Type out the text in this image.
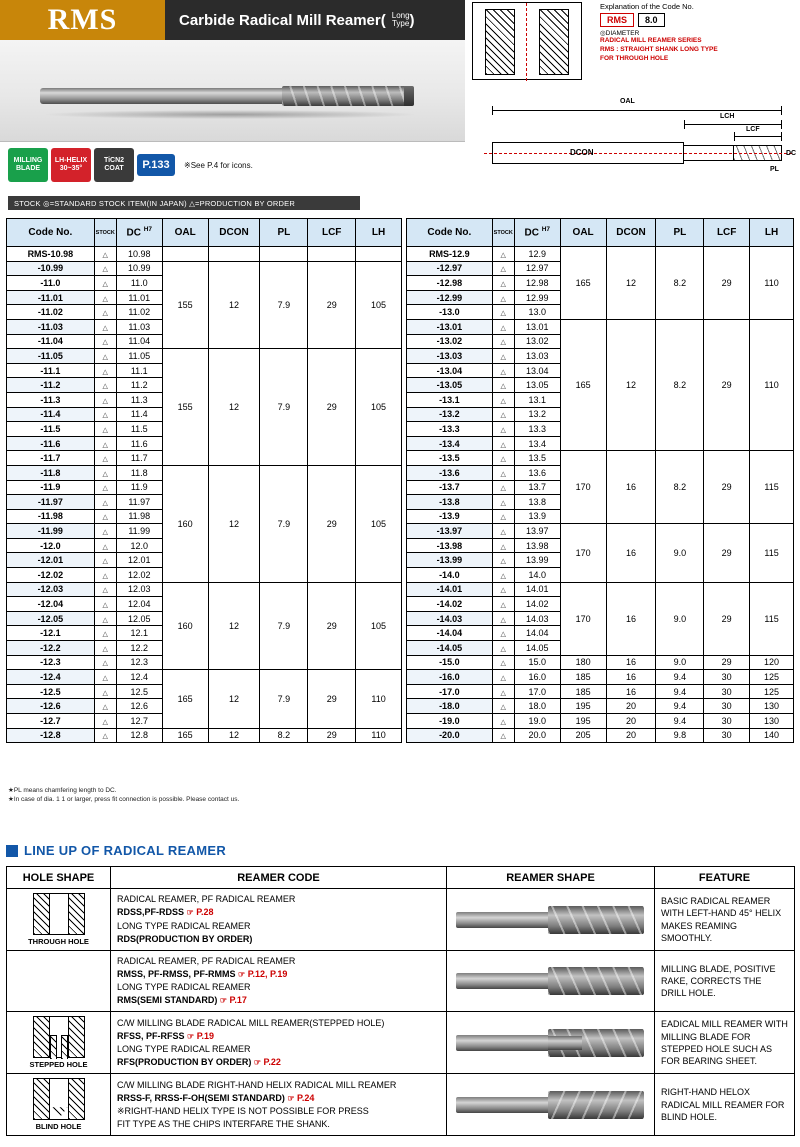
RMS	Carbide Radical Mill Reamer ( Long
Type )
MILLING
BLADE
LH-HELIX
30~35°
TiCN2
COAT P.133 ※See P.4 for icons.
STOCK ◎=STANDARD STOCK ITEM(IN JAPAN) △=PRODUCTION BY ORDER
Explanation of the Code No.
RMS	8.0
◎DIAMETER
RADICAL MILL REAMER SERIES
RMS : STRAIGHT SHANK LONG TYPE
FOR THROUGH HOLE
OAL
LCH
LCF
PL
DCON	DC
Code No.	STOCK	DC $^{H7}$	OAL	DCON	PL	LCF	LH
RMS-10.98	△	10.98					
-10.99	△	10.99	155	12	7.9	29	105
-11.0	△	11.0					
-11.01	△	11.01					
-11.02	△	11.02					
-11.03	△	11.03					
-11.04	△	11.04					
-11.05	△	11.05	155	12	7.9	29	105
-11.1	△	11.1					
-11.2	△	11.2					
-11.3	△	11.3					
-11.4	△	11.4					
-11.5	△	11.5					
-11.6	△	11.6					
-11.7	△	11.7					
-11.8	△	11.8	160	12	7.9	29	105
-11.9	△	11.9					
-11.97	△	11.97					
-11.98	△	11.98					
-11.99	△	11.99					
-12.0	△	12.0					
-12.01	△	12.01					
-12.02	△	12.02					
-12.03	△	12.03	160	12	7.9	29	105
-12.04	△	12.04					
-12.05	△	12.05					
-12.1	△	12.1					
-12.2	△	12.2					
-12.3	△	12.3					
-12.4	△	12.4	165	12	7.9	29	110
-12.5	△	12.5					
-12.6	△	12.6					
-12.7	△	12.7					
-12.8	△	12.8	165	12	8.2	29	110
Code No.	STOCK	DC $^{H7}$	OAL	DCON	PL	LCF	LH
RMS-12.9	△	12.9	165	12	8.2	29	110
-12.97	△	12.97					
-12.98	△	12.98					
-12.99	△	12.99					
-13.0	△	13.0					
-13.01	△	13.01	165	12	8.2	29	110
-13.02	△	13.02					
-13.03	△	13.03					
-13.04	△	13.04					
-13.05	△	13.05					
-13.1	△	13.1					
-13.2	△	13.2					
-13.3	△	13.3					
-13.4	△	13.4					
-13.5	△	13.5	170	16	8.2	29	115
-13.6	△	13.6					
-13.7	△	13.7					
-13.8	△	13.8					
-13.9	△	13.9					
-13.97	△	13.97	170	16	9.0	29	115
-13.98	△	13.98					
-13.99	△	13.99					
-14.0	△	14.0					
-14.01	△	14.01	170	16	9.0	29	115
-14.02	△	14.02					
-14.03	△	14.03					
-14.04	△	14.04					
-14.05	△	14.05					
-15.0	△	15.0	180	16	9.0	29	120
-16.0	△	16.0	185	16	9.4	30	125
-17.0	△	17.0	185	16	9.4	30	125
-18.0	△	18.0	195	20	9.4	30	130
-19.0	△	19.0	195	20	9.4	30	130
-20.0	△	20.0	205	20	9.8	30	140
★PL means chamfering length to DC.
★In case of dia. 1 1 or larger, press fit connection is possible. Please contact us.
LINE UP OF RADICAL REAMER
HOLE SHAPE	REAMER CODE	REAMER SHAPE	FEATURE

THROUGH HOLE	RADICAL REAMER, PF RADICAL REAMER
RDSS,PF-RDSS ☞ P.28
LONG TYPE RADICAL REAMER
RDS(PRODUCTION BY ORDER)		BASIC RADICAL REAMER WITH LEFT-HAND 45° HELIX MAKES REAMING SMOOTHLY.

	RADICAL REAMER, PF RADICAL REAMER
RMSS, PF-RMSS, PF-RMMS ☞ P.12, P.19
LONG TYPE RADICAL REAMER
RMS(SEMI STANDARD) ☞ P.17		MILLING BLADE, POSITIVE RAKE, CORRECTS THE DRILL HOLE.

STEPPED HOLE	C/W MILLING BLADE RADICAL MILL REAMER(STEPPED HOLE)
RFSS, PF-RFSS ☞ P.19
LONG TYPE RADICAL REAMER
RFS(PRODUCTION BY ORDER) ☞ P.22		EADICAL MILL REAMER WITH MILLING BLADE FOR STEPPED HOLE SUCH AS FOR BEARING SHEET.

BLIND HOLE	C/W MILLING BLADE RIGHT-HAND HELIX RADICAL MILL REAMER
RRSS-F, RRSS-F-OH(SEMI STANDARD) ☞ P.24
※RIGHT-HAND HELIX TYPE IS NOT POSSIBLE FOR PRESS
FIT TYPE AS THE CHIPS INTERFARE THE SHANK.		RIGHT-HAND HELOX RADICAL MILL REAMER FOR BLIND HOLE.
